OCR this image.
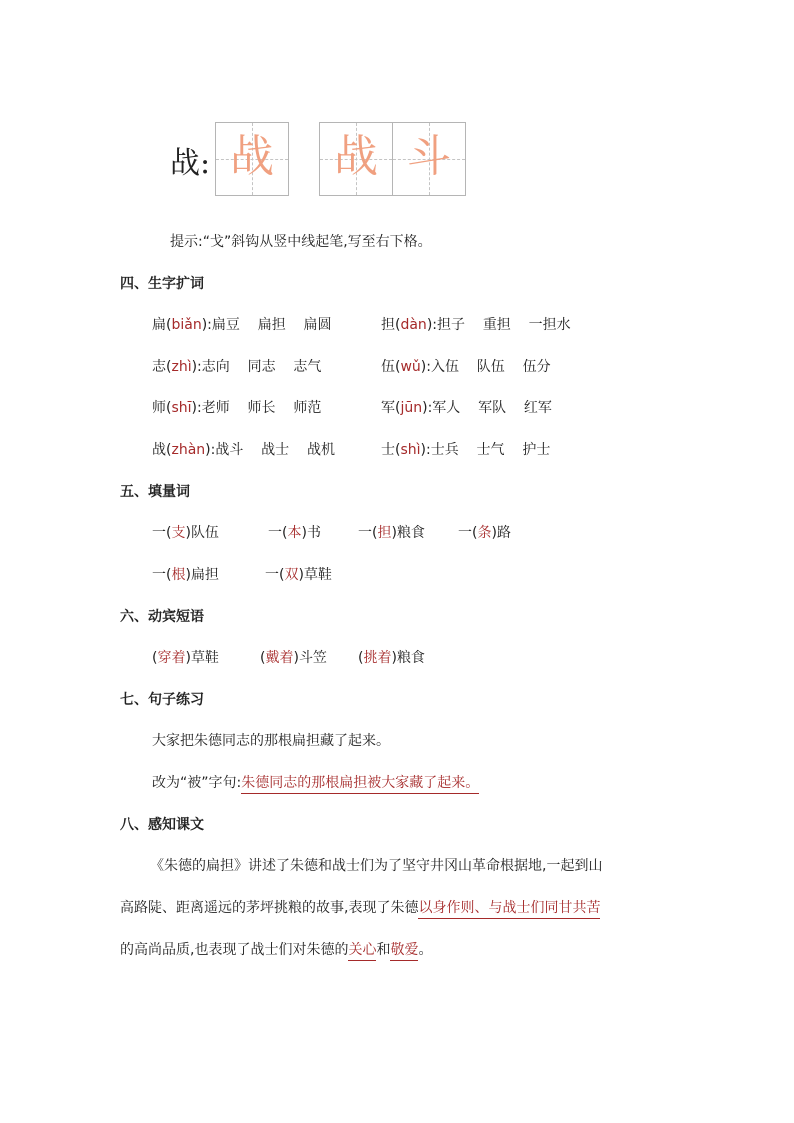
战: 战	战 斗
提示:“戈”斜钩从竖中线起笔,写至右下格。
四、生字扩词
扁(biǎn):扁豆 扁担 扁圆	担(dàn):担子 重担 一担水
志(zhì):志向 同志 志气	伍(wǔ):入伍 队伍 伍分
师(shī):老师 师长 师范	军(jūn):军人 军队 红军
战(zhàn):战斗 战士 战机	士(shì):士兵 士气 护士
五、填量词
一(支)队伍	一(本)书	一(担)粮食 一(条)路
一(根)扁担	一(双)草鞋
六、动宾短语
(穿着)草鞋	(戴着)斗笠 (挑着)粮食
七、句子练习
大家把朱德同志的那根扁担藏了起来。
改为“被”字句:朱德同志的那根扁担被大家藏了起来。
八、感知课文
《朱德的扁担》讲述了朱德和战士们为了坚守井冈山革命根据地,一起到山
高路陡、距离遥远的茅坪挑粮的故事,表现了朱德以身作则、与战士们同甘共苦
的高尚品质,也表现了战士们对朱德的关心和敬爱。
